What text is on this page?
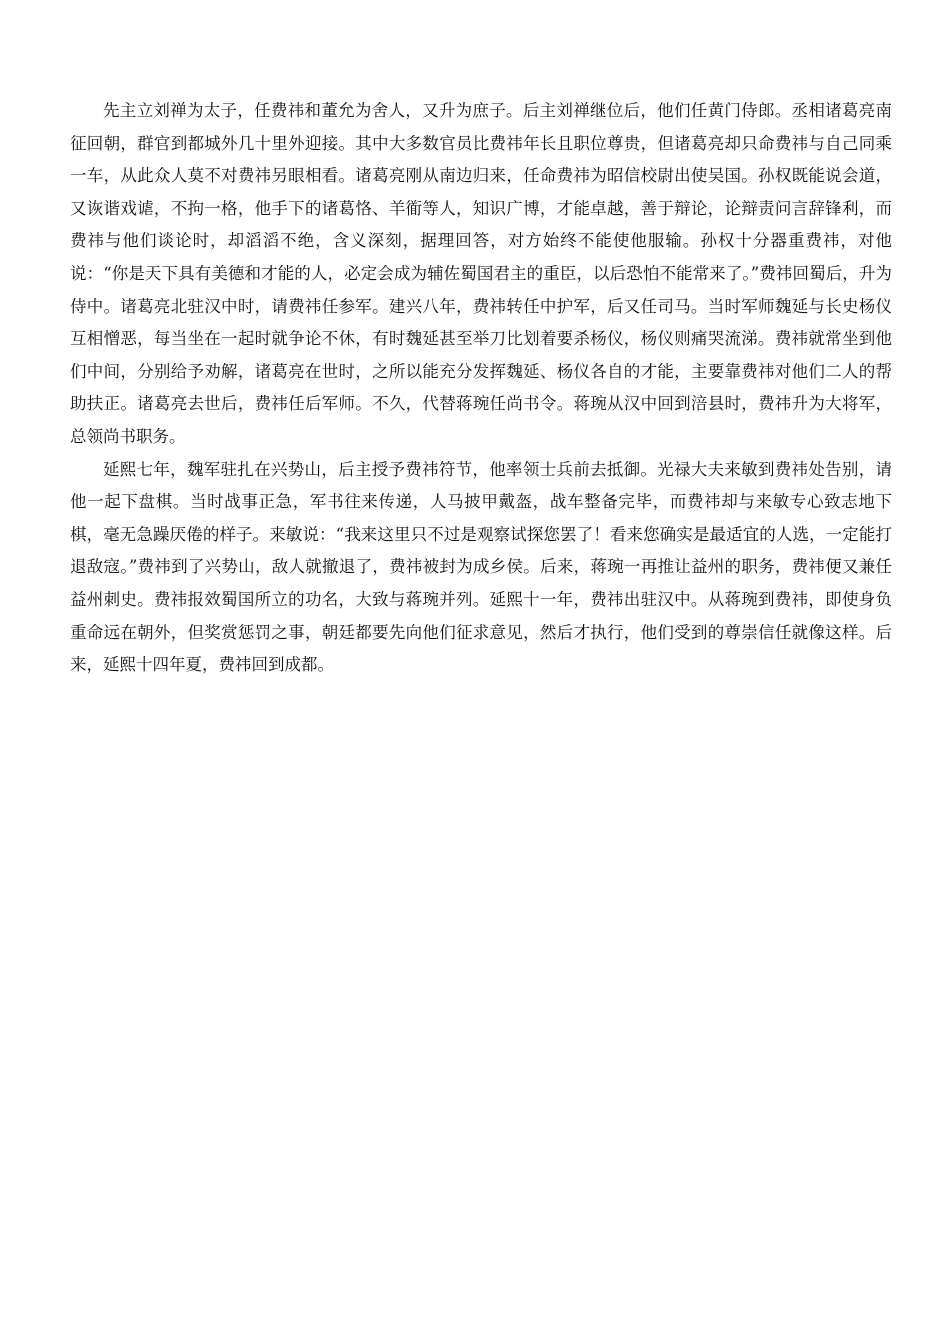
先主立刘禅为太子，任费祎和董允为舍人，又升为庶子。后主刘禅继位后，他们任黄门侍郎。丞相诸葛亮南征回朝，群官到都城外几十里外迎接。其中大多数官员比费祎年长且职位尊贵，但诸葛亮却只命费祎与自己同乘一车，从此众人莫不对费祎另眼相看。诸葛亮刚从南边归来，任命费祎为昭信校尉出使吴国。孙权既能说会道，又诙谐戏谑，不拘一格，他手下的诸葛恪、羊衜等人，知识广博，才能卓越，善于辩论，论辩责问言辞锋利，而费祎与他们谈论时，却滔滔不绝，含义深刻，据理回答，对方始终不能使他服输。孙权十分器重费祎，对他说：“你是天下具有美德和才能的人，必定会成为辅佐蜀国君主的重臣，以后恐怕不能常来了。”费祎回蜀后，升为侍中。诸葛亮北驻汉中时，请费祎任参军。建兴八年，费祎转任中护军，后又任司马。当时军师魏延与长史杨仪互相憎恶，每当坐在一起时就争论不休，有时魏延甚至举刀比划着要杀杨仪，杨仪则痛哭流涕。费祎就常坐到他们中间，分别给予劝解，诸葛亮在世时，之所以能充分发挥魏延、杨仪各自的才能，主要靠费祎对他们二人的帮助扶正。诸葛亮去世后，费祎任后军师。不久，代替蒋琬任尚书令。蒋琬从汉中回到涪县时，费祎升为大将军，总领尚书职务。

延熙七年，魏军驻扎在兴势山，后主授予费祎符节，他率领士兵前去抵御。光禄大夫来敏到费祎处告别，请他一起下盘棋。当时战事正急，军书往来传递，人马披甲戴盔，战车整备完毕，而费祎却与来敏专心致志地下棋，毫无急躁厌倦的样子。来敏说：“我来这里只不过是观察试探您罢了！看来您确实是最适宜的人选，一定能打退敌寇。”费祎到了兴势山，敌人就撤退了，费祎被封为成乡侯。后来，蒋琬一再推让益州的职务，费祎便又兼任益州刺史。费祎报效蜀国所立的功名，大致与蒋琬并列。延熙十一年，费祎出驻汉中。从蒋琬到费祎，即使身负重命远在朝外，但奖赏惩罚之事，朝廷都要先向他们征求意见，然后才执行，他们受到的尊崇信任就像这样。后来，延熙十四年夏，费祎回到成都。
